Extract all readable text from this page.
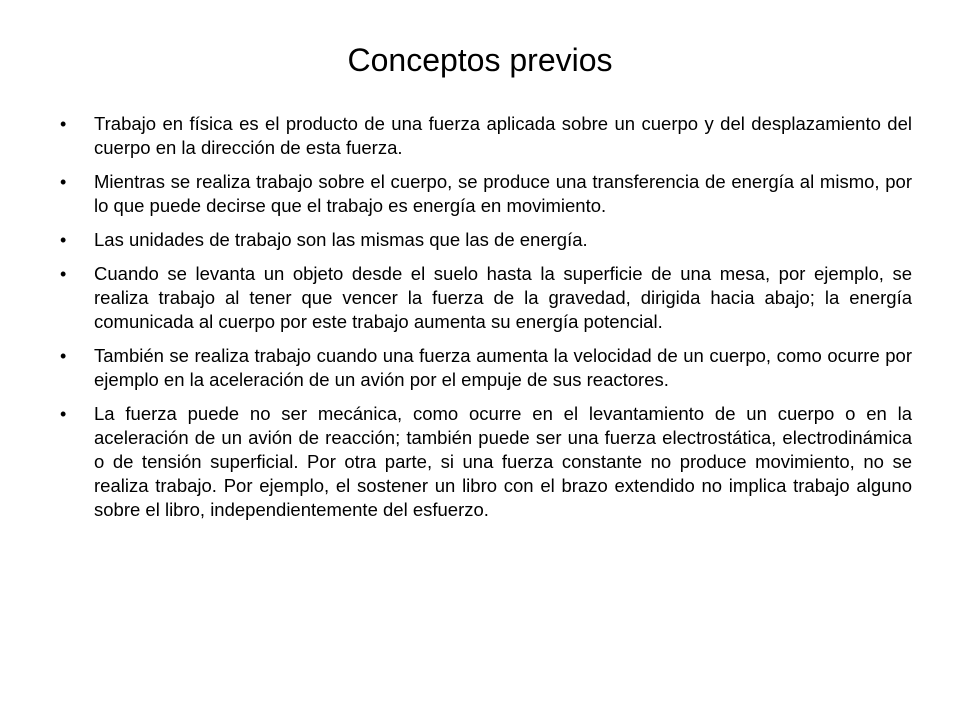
Conceptos previos
•	Trabajo en física es el producto de una fuerza aplicada sobre un cuerpo y del desplazamiento del cuerpo en la dirección de esta fuerza.
•	Mientras se realiza trabajo sobre el cuerpo, se produce una transferencia de energía al mismo, por lo que puede decirse que el trabajo es energía en movimiento.
•	Las unidades de trabajo son las mismas que las de energía.
•	Cuando se levanta un objeto desde el suelo hasta la superficie de una mesa, por ejemplo, se realiza trabajo al tener que vencer la fuerza de la gravedad, dirigida hacia abajo; la energía comunicada al cuerpo por este trabajo aumenta su energía potencial.
•	También se realiza trabajo cuando una fuerza aumenta la velocidad de un cuerpo, como ocurre por ejemplo en la aceleración de un avión por el empuje de sus reactores.
•	La fuerza puede no ser mecánica, como ocurre en el levantamiento de un cuerpo o en la aceleración de un avión de reacción; también puede ser una fuerza electrostática, electrodinámica o de tensión superficial. Por otra parte, si una fuerza constante no produce movimiento, no se realiza trabajo. Por ejemplo, el sostener un libro con el brazo extendido no implica trabajo alguno sobre el libro, independientemente del esfuerzo.
